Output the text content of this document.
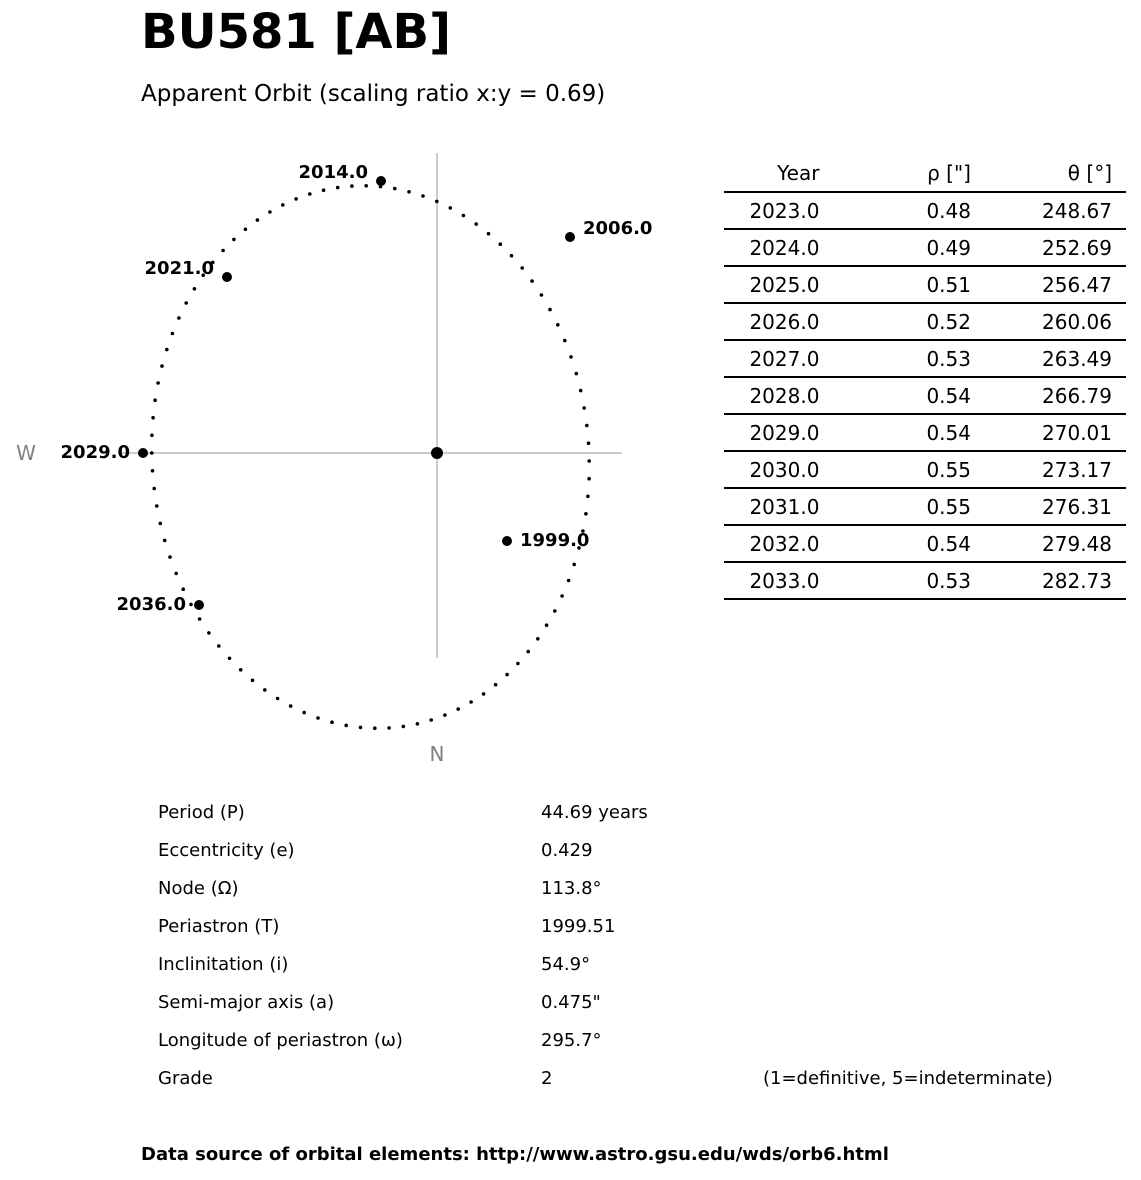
BU581 [AB]
Apparent Orbit (scaling ratio x:y = 0.69)
2014.0
2006.0
2021.0
2029.0
1999.0
2036.0
W
N
Year	ρ ["]	θ [°]
2023.0	0.48	248.67
2024.0	0.49	252.69
2025.0	0.51	256.47
2026.0	0.52	260.06
2027.0	0.53	263.49
2028.0	0.54	266.79
2029.0	0.54	270.01
2030.0	0.55	273.17
2031.0	0.55	276.31
2032.0	0.54	279.48
2033.0	0.53	282.73
Period (P)	44.69 years
Eccentricity (e)	0.429
Node (Ω)	113.8°
Periastron (T)	1999.51
Inclinitation (i)	54.9°
Semi-major axis (a)	0.475"
Longitude of periastron (ω)	295.7°
Grade	2	(1=definitive, 5=indeterminate)
Data source of orbital elements: http://www.astro.gsu.edu/wds/orb6.html
